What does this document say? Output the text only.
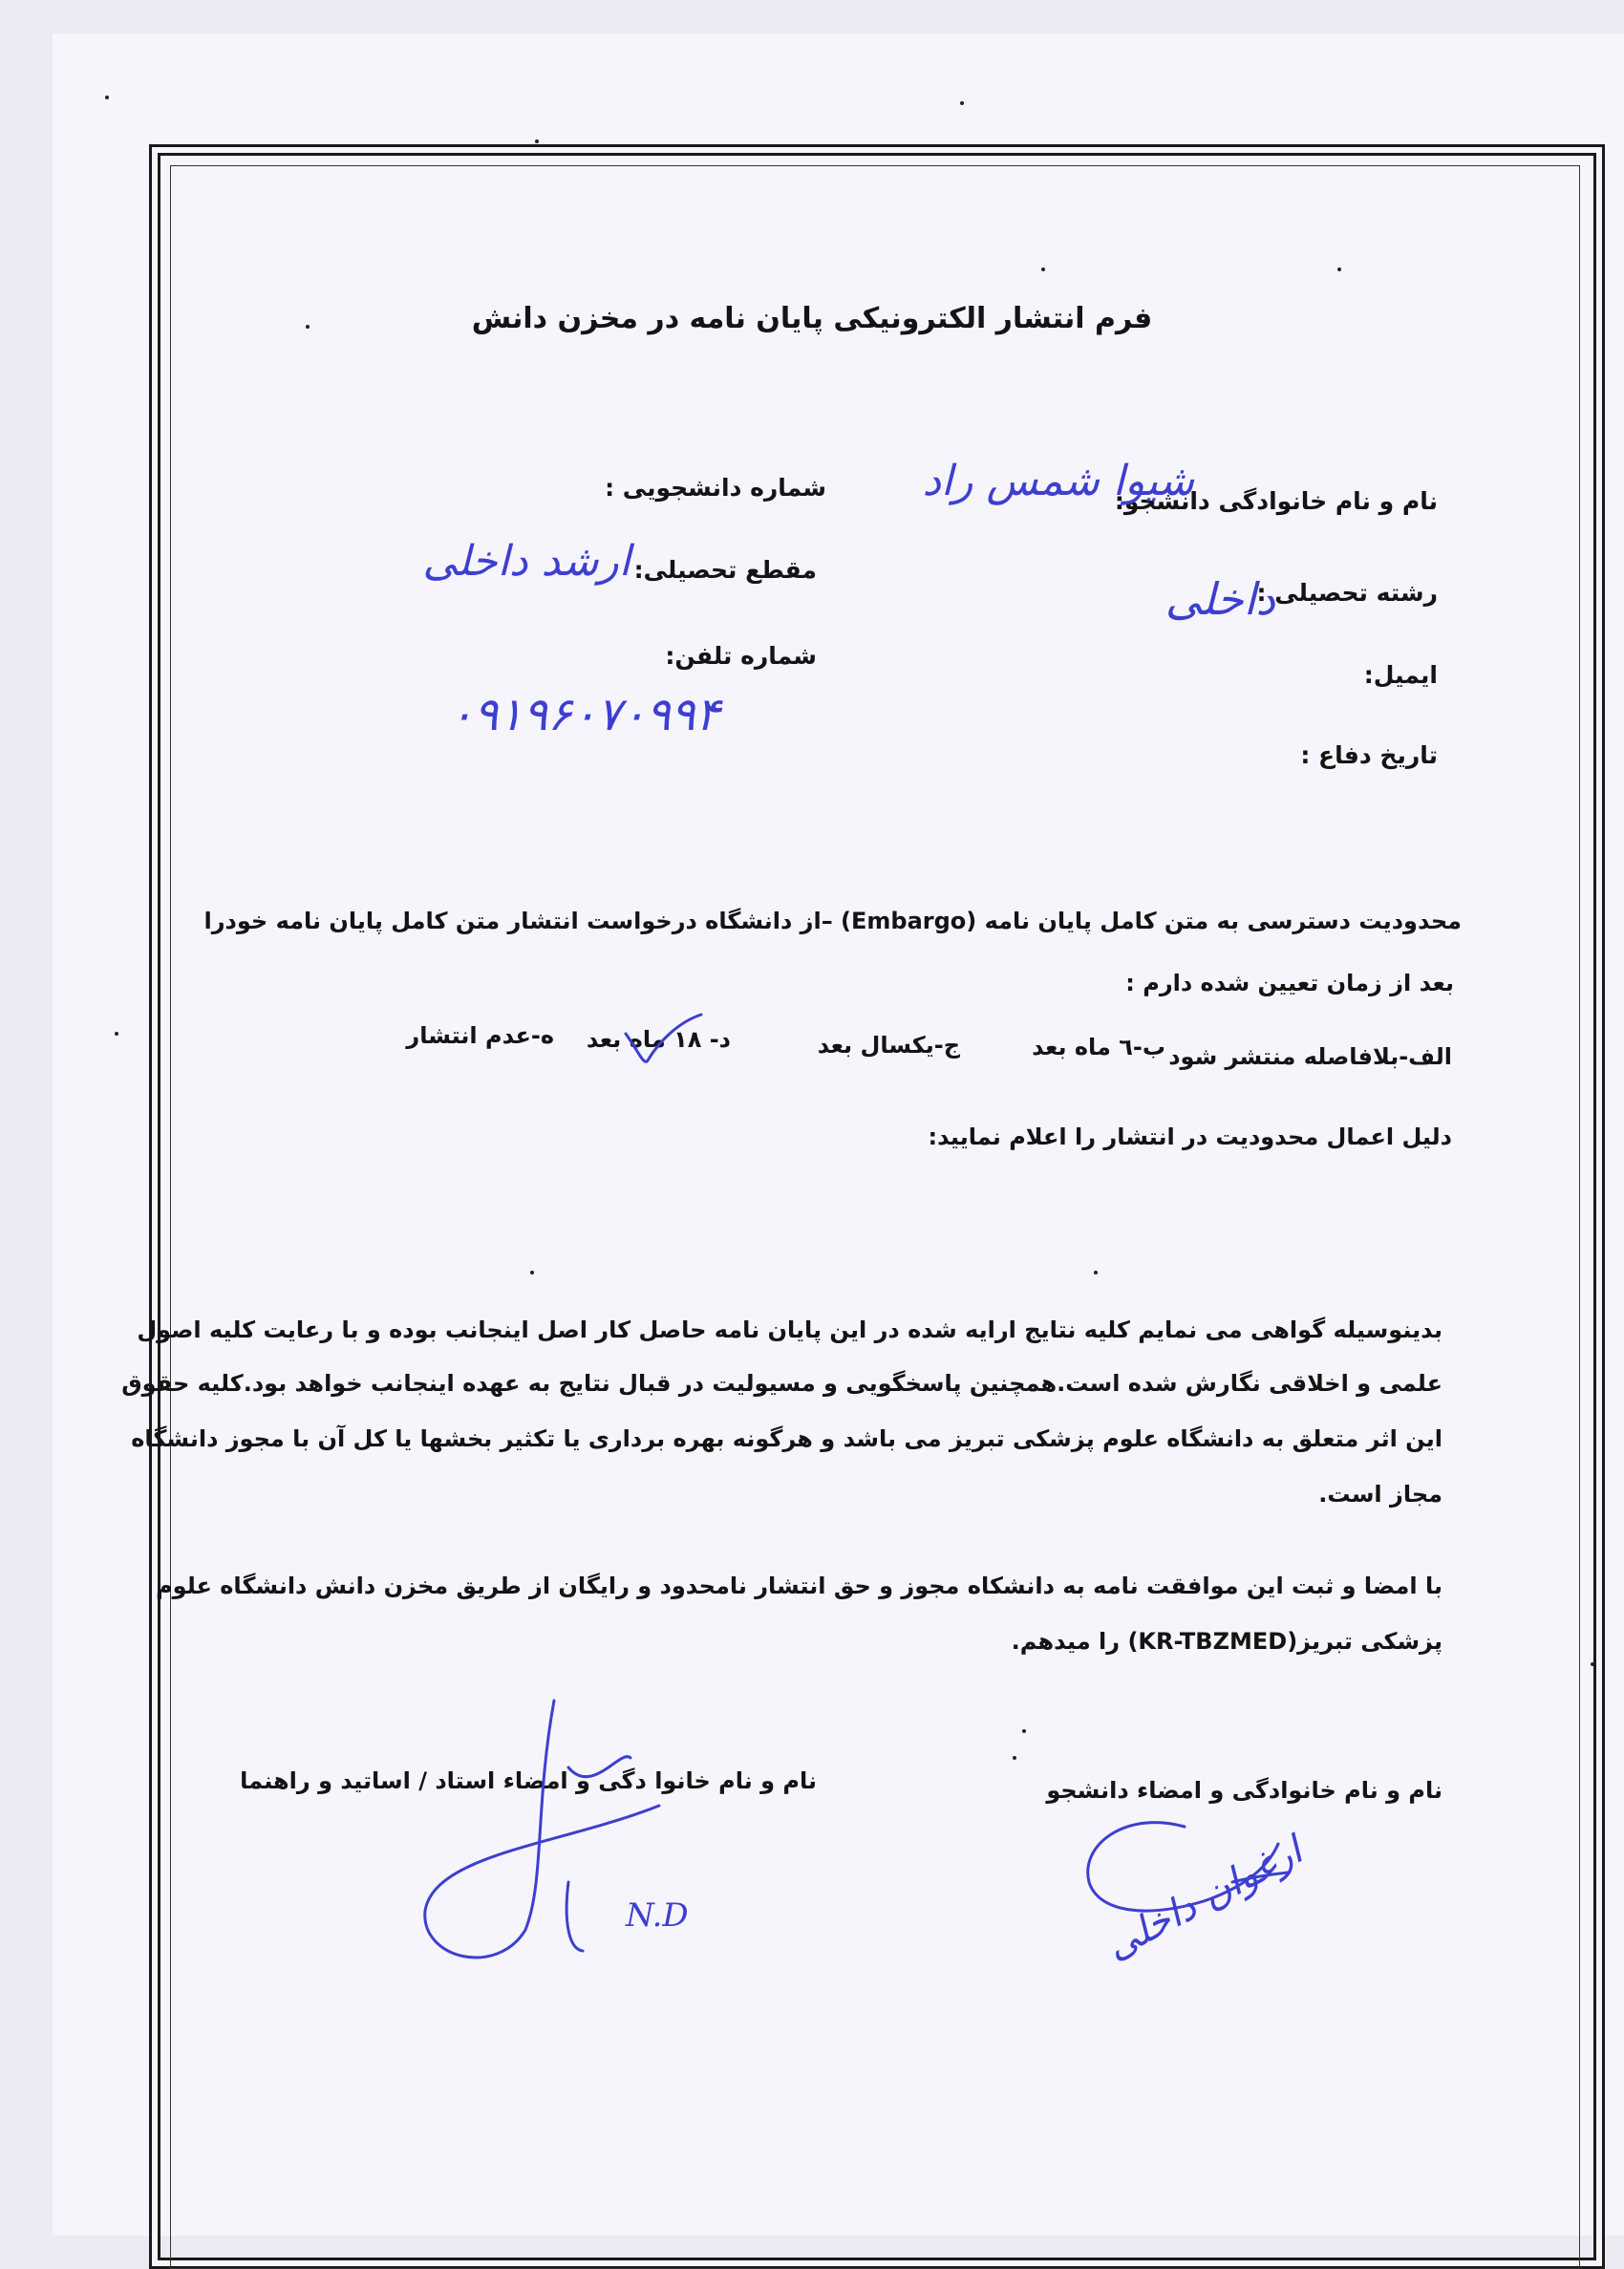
فرم انتشار الکترونیکی پایان نامه در مخزن دانش
نام و نام خانوادگی دانشجو:
شیوا شمس راد
شماره دانشجویی :
مقطع تحصیلی:
ارشد داخلی
رشته تحصیلی :
داخلی
شماره تلفن:
۰۹۱۹۶۰۷۰۹۹۴
ایمیل:
تاریخ دفاع :
محدودیت دسترسی به متن کامل پایان نامه (Embargo) –از دانشگاه درخواست انتشار متن کامل پایان نامه خودرا
بعد از زمان تعیین شده دارم :
الف-بلافاصله منتشر شود
ب-٦ ماه بعد
ج-یکسال بعد
د- ١٨ ماه بعد
ه-عدم انتشار
دلیل اعمال محدودیت در انتشار را اعلام نمایید:
بدینوسیله گواهی می نمایم کلیه نتایج ارایه شده در این پایان نامه حاصل کار اصل اینجانب بوده و با رعایت کلیه اصول
علمی و اخلاقی نگارش شده است.همچنین پاسخگویی و مسیولیت در قبال نتایج به عهده اینجانب خواهد بود.کلیه حقوق
این اثر متعلق به دانشگاه علوم پزشکی تبریز می باشد و هرگونه بهره برداری یا تکثیر بخشها یا کل آن با مجوز دانشگاه
مجاز است.
با امضا و ثبت این موافقت نامه به دانشکاه مجوز و حق انتشار نامحدود و رایگان از طریق مخزن دانش دانشگاه علوم
پزشکی تبریز(KR-TBZMED) را میدهم.
نام و نام خانوادگی و امضاء دانشجو
نام و نام خانوا دگی و امضاء استاد / اساتید و راهنما
ارغوان داخلی
N.D
